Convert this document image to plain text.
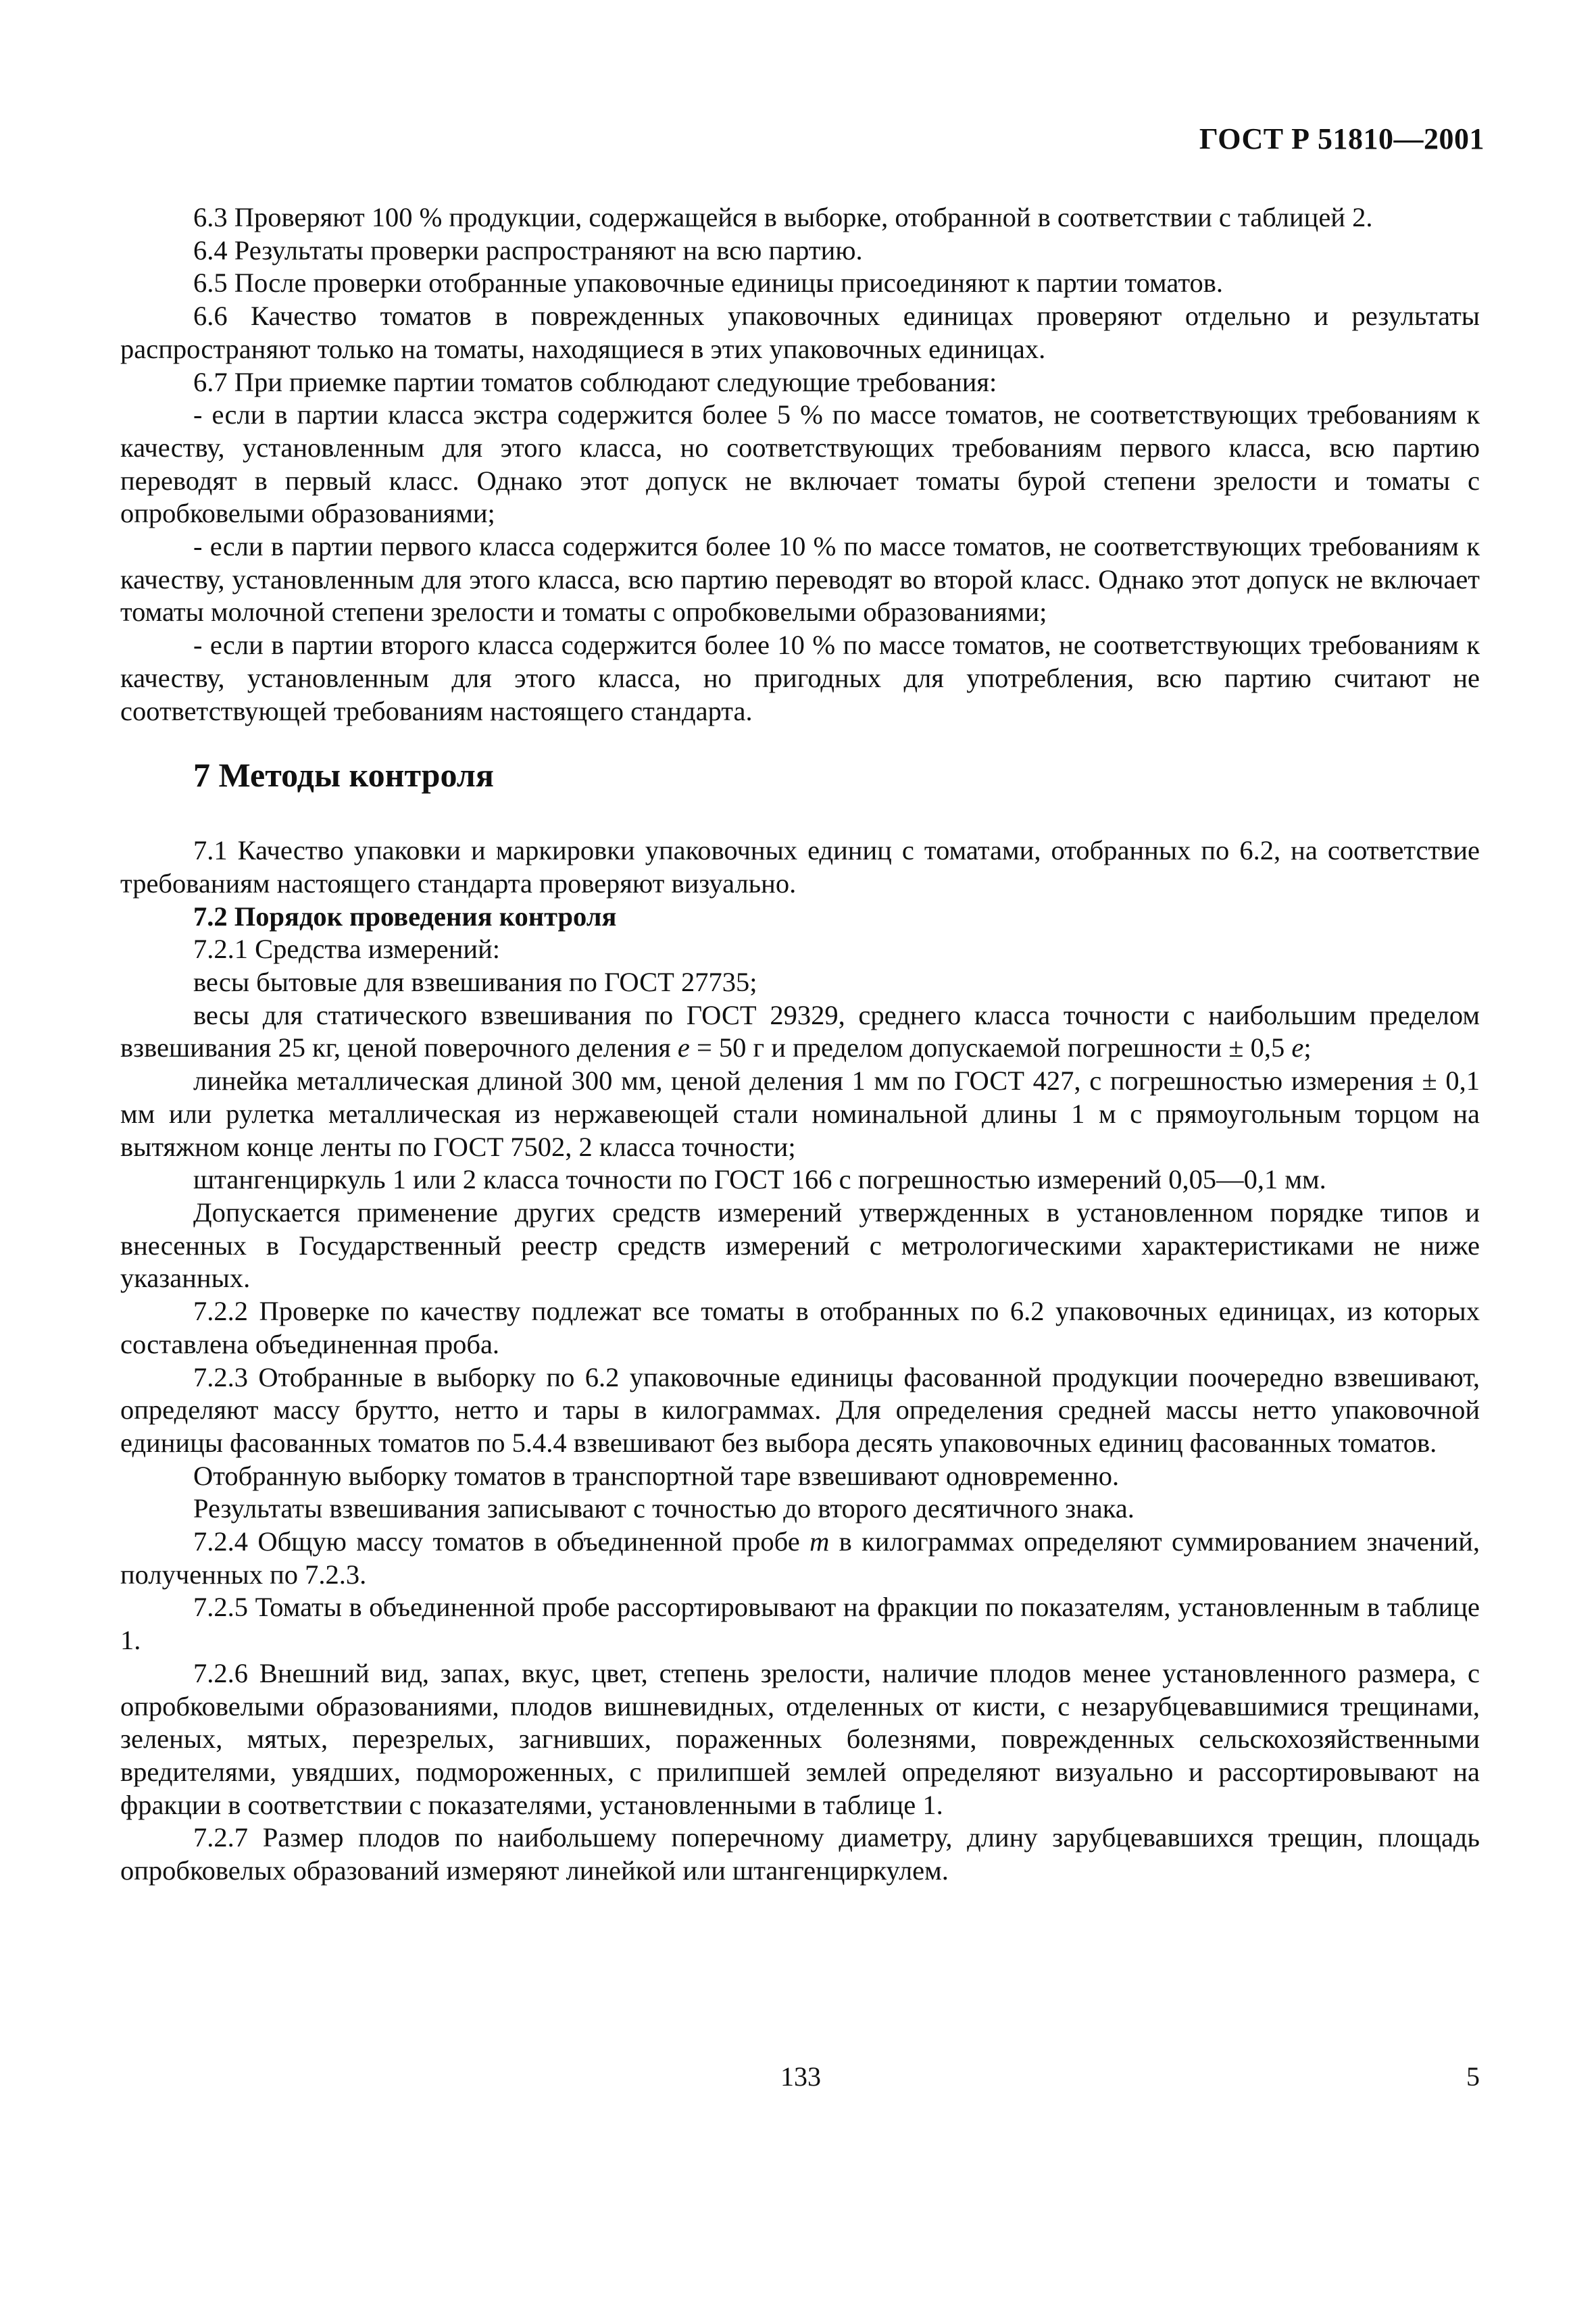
ГОСТ Р 51810—2001

6.3 Проверяют 100 % продукции, содержащейся в выборке, отобранной в соответствии с таблицей 2.

6.4 Результаты проверки распространяют на всю партию.

6.5 После проверки отобранные упаковочные единицы присоединяют к партии томатов.

6.6 Качество томатов в поврежденных упаковочных единицах проверяют отдельно и результаты распространяют только на томаты, находящиеся в этих упаковочных единицах.

6.7 При приемке партии томатов соблюдают следующие требования:

- если в партии класса экстра содержится более 5 % по массе томатов, не соответствующих требованиям к качеству, установленным для этого класса, но соответствующих требованиям первого класса, всю партию переводят в первый класс. Однако этот допуск не включает томаты бурой степени зрелости и томаты с опробковелыми образованиями;

- если в партии первого класса содержится более 10 % по массе томатов, не соответствующих требованиям к качеству, установленным для этого класса, всю партию переводят во второй класс. Однако этот допуск не включает томаты молочной степени зрелости и томаты с опробковелыми образованиями;

- если в партии второго класса содержится более 10 % по массе томатов, не соответствующих требованиям к качеству, установленным для этого класса, но пригодных для употребления, всю партию считают не соответствующей требованиям настоящего стандарта.

7 Методы контроля

7.1 Качество упаковки и маркировки упаковочных единиц с томатами, отобранных по 6.2, на соответствие требованиям настоящего стандарта проверяют визуально.

7.2 Порядок проведения контроля

7.2.1 Средства измерений:

весы бытовые для взвешивания по ГОСТ 27735;

весы для статического взвешивания по ГОСТ 29329, среднего класса точности с наибольшим пределом взвешивания 25 кг, ценой поверочного деления е = 50 г и пределом допускаемой погрешности ± 0,5 е;

линейка металлическая длиной 300 мм, ценой деления 1 мм по ГОСТ 427, с погрешностью измерения ± 0,1 мм или рулетка металлическая из нержавеющей стали номинальной длины 1 м с прямоугольным торцом на вытяжном конце ленты по ГОСТ 7502, 2 класса точности;

штангенциркуль 1 или 2 класса точности по ГОСТ 166 с погрешностью измерений 0,05—0,1 мм.

Допускается применение других средств измерений утвержденных в установленном порядке типов и внесенных в Государственный реестр средств измерений с метрологическими характеристиками не ниже указанных.

7.2.2 Проверке по качеству подлежат все томаты в отобранных по 6.2 упаковочных единицах, из которых составлена объединенная проба.

7.2.3 Отобранные в выборку по 6.2 упаковочные единицы фасованной продукции поочередно взвешивают, определяют массу брутто, нетто и тары в килограммах. Для определения средней массы нетто упаковочной единицы фасованных томатов по 5.4.4 взвешивают без выбора десять упаковочных единиц фасованных томатов.

Отобранную выборку томатов в транспортной таре взвешивают одновременно.

Результаты взвешивания записывают с точностью до второго десятичного знака.

7.2.4 Общую массу томатов в объединенной пробе m в килограммах определяют суммированием значений, полученных по 7.2.3.

7.2.5 Томаты в объединенной пробе рассортировывают на фракции по показателям, установленным в таблице 1.

7.2.6 Внешний вид, запах, вкус, цвет, степень зрелости, наличие плодов менее установленного размера, с опробковелыми образованиями, плодов вишневидных, отделенных от кисти, с незарубцевавшимися трещинами, зеленых, мятых, перезрелых, загнивших, пораженных болезнями, поврежденных сельскохозяйственными вредителями, увядших, подмороженных, с прилипшей землей определяют визуально и рассортировывают на фракции в соответствии с показателями, установленными в таблице 1.

7.2.7 Размер плодов по наибольшему поперечному диаметру, длину зарубцевавшихся трещин, площадь опробковелых образований измеряют линейкой или штангенциркулем.

133	5
